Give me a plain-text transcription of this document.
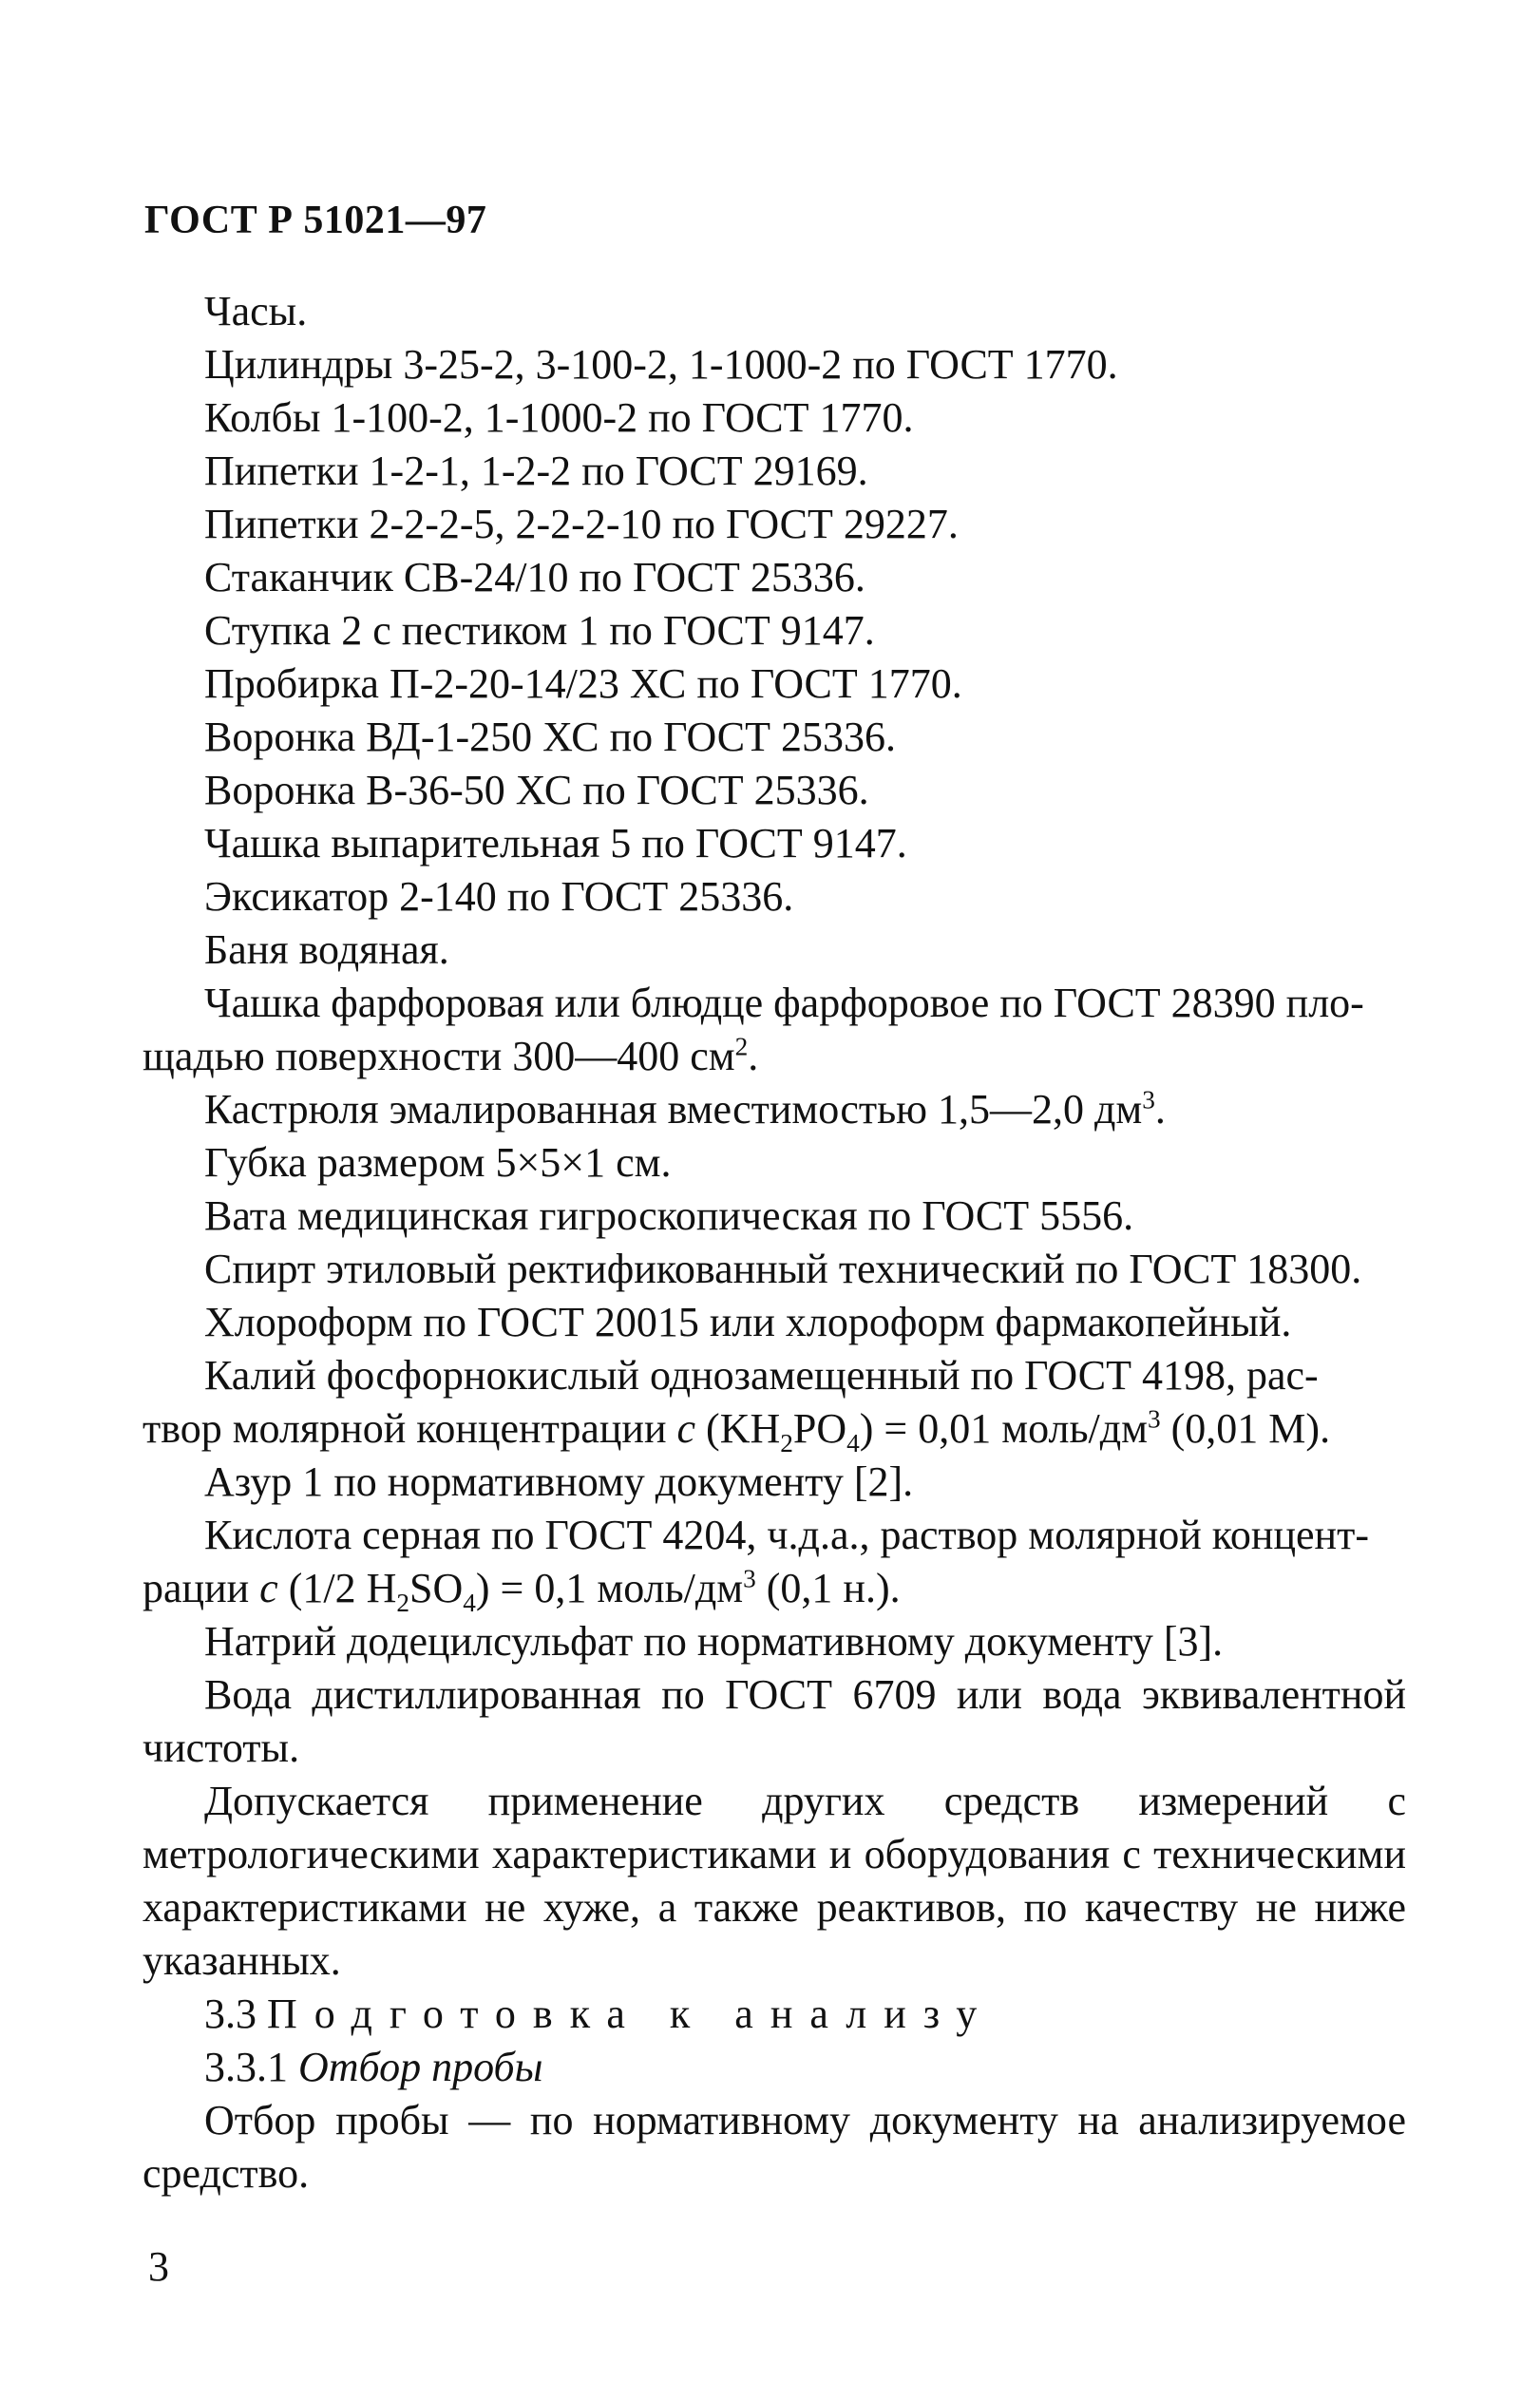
ГОСТ Р 51021—97

Часы.

Цилиндры 3-25-2, 3-100-2, 1-1000-2 по ГОСТ 1770.

Колбы 1-100-2, 1-1000-2 по ГОСТ 1770.

Пипетки 1-2-1, 1-2-2 по ГОСТ 29169.

Пипетки 2-2-2-5, 2-2-2-10 по ГОСТ 29227.

Стаканчик СВ-24/10 по ГОСТ 25336.

Ступка 2 с пестиком 1 по ГОСТ 9147.

Пробирка П-2-20-14/23 ХС по ГОСТ 1770.

Воронка ВД-1-250 ХС по ГОСТ 25336.

Воронка В-36-50 ХС по ГОСТ 25336.

Чашка выпарительная 5 по ГОСТ 9147.

Эксикатор 2-140 по ГОСТ 25336.

Баня водяная.

Чашка фарфоровая или блюдце фарфоровое по ГОСТ 28390 пло-

щадью поверхности 300—400 $см^2$.

Кастрюля эмалированная вместимостью 1,5—2,0 $дм^3$.

Губка размером 5×5×1 см.

Вата медицинская гигроскопическая по ГОСТ 5556.

Спирт этиловый ректификованный технический по ГОСТ 18300.

Хлороформ по ГОСТ 20015 или хлороформ фармакопейный.

Калий фосфорнокислый однозамещенный по ГОСТ 4198, рас-

твор молярной концентрации c $(KH_2PO_4) = 0,01$ моль/$дм^3$ (0,01 М).

Азур 1 по нормативному документу [2].

Кислота серная по ГОСТ 4204, ч.д.а., раствор молярной концент-

рации c (1/2 $H_2SO_4) = 0,1$ моль/$дм^3$ (0,1 н.).

Натрий додецилсульфат по нормативному документу [3].

Вода дистиллированная по ГОСТ 6709 или вода эквивалентной чистоты.

Допускается применение других средств измерений с метрологическими характеристиками и оборудования с техническими характеристиками не хуже, а также реактивов, по качеству не ниже указанных.

3.3 Подготовка к анализу

3.3.1 Отбор пробы

Отбор пробы — по нормативному документу на анализируемое средство.

3
